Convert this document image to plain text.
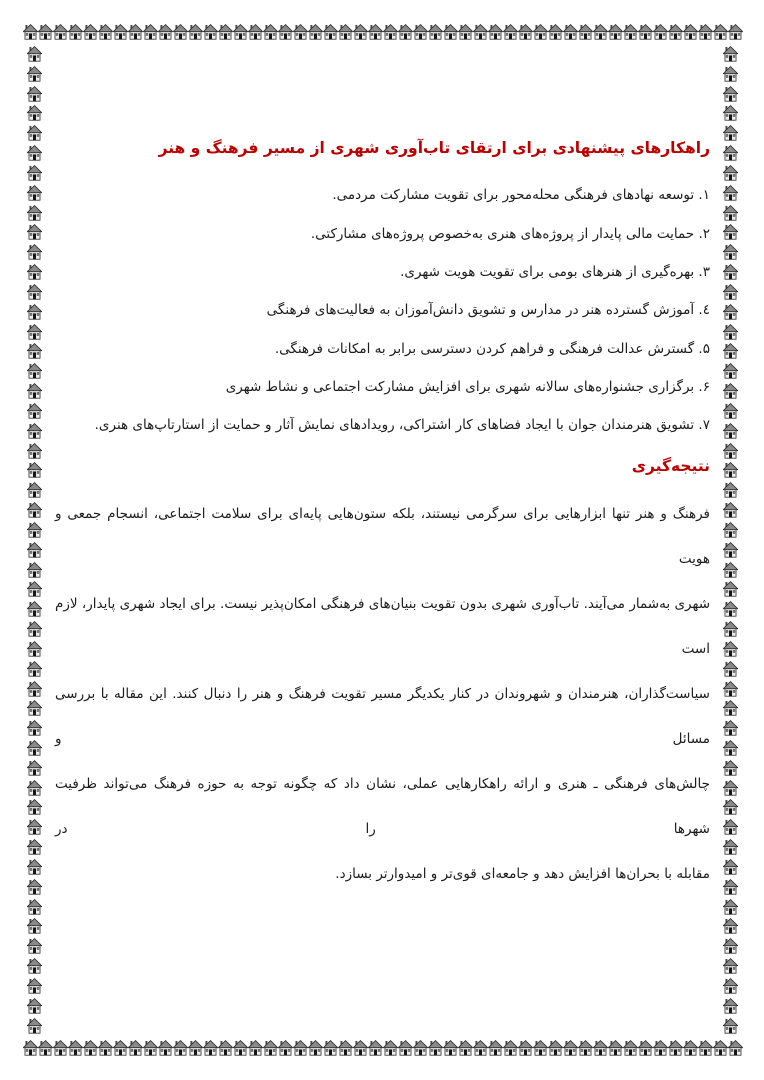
راهکارهای پیشنهادی برای ارتقای تاب‌آوری شهری از مسیر فرهنگ و هنر

۱. توسعه نهادهای فرهنگی محله‌محور برای تقویت مشارکت مردمی.

۲. حمایت مالی پایدار از پروژه‌های هنری به‌خصوص پروژه‌های مشارکتی.

۳. بهره‌گیری از هنرهای بومی برای تقویت هویت شهری.

٤. آموزش گسترده هنر در مدارس و تشویق دانش‌آموزان به فعالیت‌های فرهنگی

۵. گسترش عدالت فرهنگی و فراهم کردن دسترسی برابر به امکانات فرهنگی.

۶. برگزاری جشنواره‌های سالانه شهری برای افزایش مشارکت اجتماعی و نشاط شهری

۷. تشویق هنرمندان جوان با ایجاد فضاهای کار اشتراکی، رویدادهای نمایش آثار و حمایت از استارتاپ‌های هنری.

نتیجه‌گیری

فرهنگ و هنر تنها ابزارهایی برای سرگرمی نیستند، بلکه ستون‌هایی پایه‌ای برای سلامت اجتماعی، انسجام جمعی و هویت

شهری به‌شمار می‌آیند. تاب‌آوری شهری بدون تقویت بنیان‌های فرهنگی امکان‌پذیر نیست. برای ایجاد شهری پایدار، لازم است

سیاست‌گذاران، هنرمندان و شهروندان در کنار یکدیگر مسیر تقویت فرهنگ و هنر را دنبال کنند. این مقاله با بررسی مسائل و

چالش‌های فرهنگی ـ هنری و ارائه راهکارهایی عملی، نشان داد که چگونه توجه به حوزه فرهنگ می‌تواند ظرفیت شهرها را در

مقابله با بحران‌ها افزایش دهد و جامعه‌ای قوی‌تر و امیدوارتر بسازد.
